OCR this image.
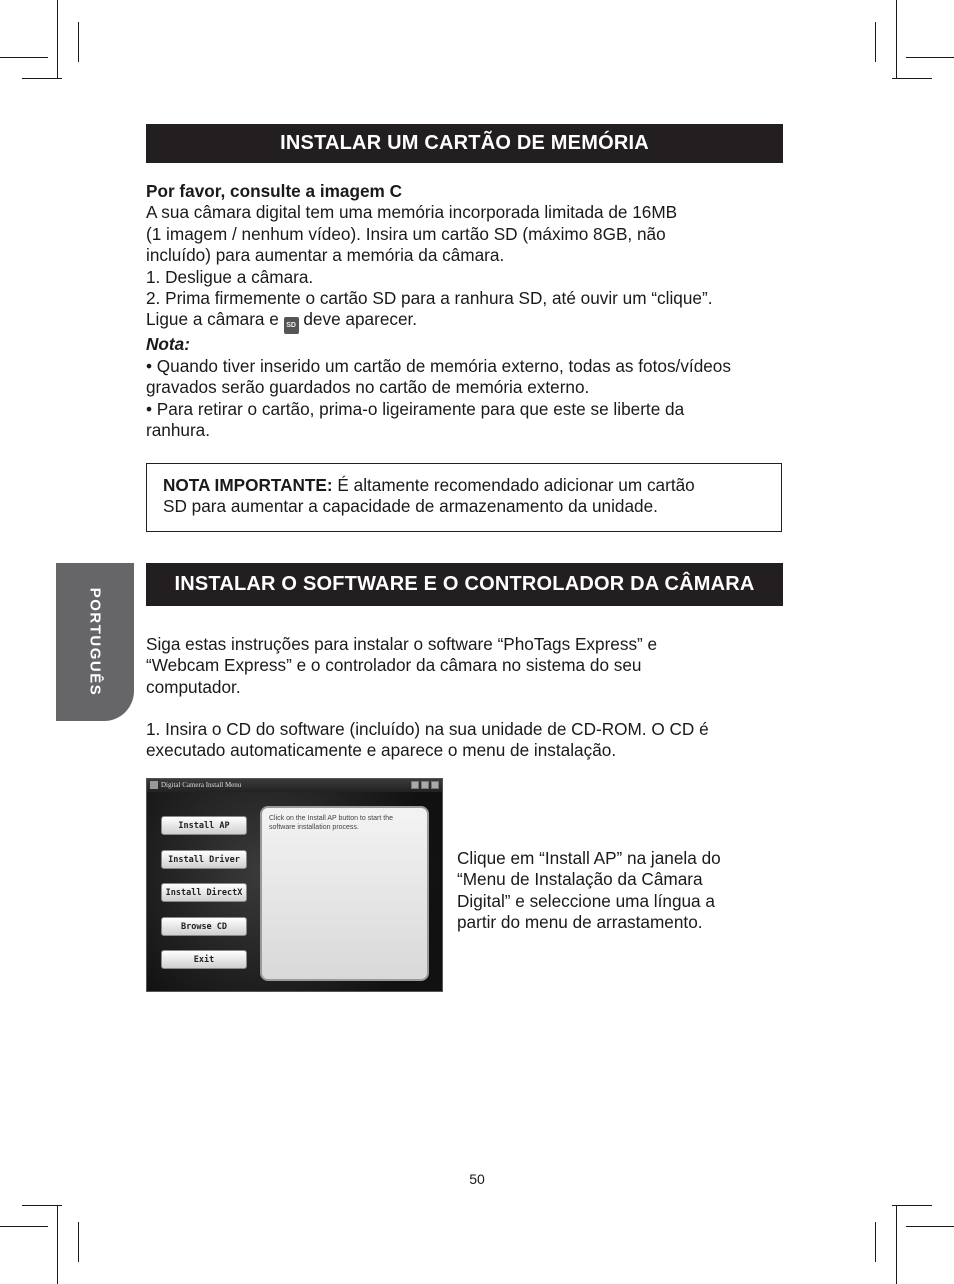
INSTALAR UM CARTÃO DE MEMÓRIA

Por favor, consulte a imagem C

A sua câmara digital tem uma memória incorporada limitada de 16MB

(1 imagem / nenhum vídeo). Insira um cartão SD (máximo 8GB, não

incluído) para aumentar a memória da câmara.

1. Desligue a câmara.

2. Prima firmemente o cartão SD para a ranhura SD, até ouvir um “clique”.

Ligue a câmara e SD deve aparecer.

Nota:

• Quando tiver inserido um cartão de memória externo, todas as fotos/vídeos

gravados serão guardados no cartão de memória externo.

• Para retirar o cartão, prima-o ligeiramente para que este se liberte da

ranhura.

NOTA IMPORTANTE: É altamente recomendado adicionar um cartão
SD para aumentar a capacidade de armazenamento da unidade.
PORTUGUÊS
INSTALAR O SOFTWARE E O CONTROLADOR DA CÂMARA

Siga estas instruções para instalar o software “PhoTags Express” e

“Webcam Express” e o controlador da câmara no sistema do seu

computador.

1. Insira o CD do software (incluído) na sua unidade de CD-ROM. O CD é

executado automaticamente e aparece o menu de instalação.

Digital Camera Install Menu
Install AP
Install Driver
Install DirectX
Browse CD
Exit
Click on the Install AP button to start the software installation process.
Clique em “Install AP” na janela do
“Menu de Instalação da Câmara
Digital” e seleccione uma língua a
partir do menu de arrastamento.
50
